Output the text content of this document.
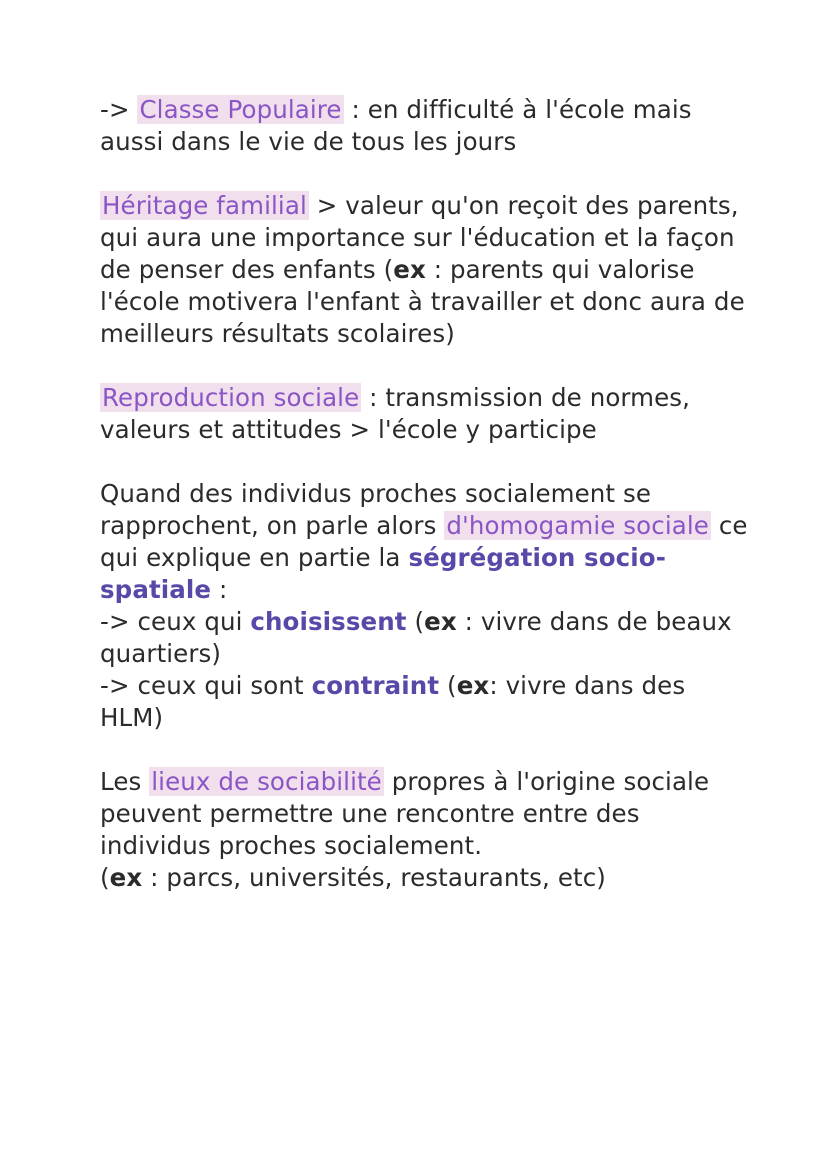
-> Classe Populaire : en difficulté à l'école mais aussi dans le vie de tous les jours

Héritage familial > valeur qu'on reçoit des parents, qui aura une importance sur l'éducation et la façon de penser des enfants (ex : parents qui valorise l'école motivera l'enfant à travailler et donc aura de meilleurs résultats scolaires)

Reproduction sociale : transmission de normes, valeurs et attitudes > l'école y participe

Quand des individus proches socialement se rapprochent, on parle alors d'homogamie sociale ce qui explique en partie la ségrégation socio-spatiale :
-> ceux qui choisissent (ex : vivre dans de beaux quartiers)
-> ceux qui sont contraint (ex: vivre dans des HLM)

Les lieux de sociabilité propres à l'origine sociale peuvent permettre une rencontre entre des individus proches socialement.
(ex : parcs, universités, restaurants, etc)
